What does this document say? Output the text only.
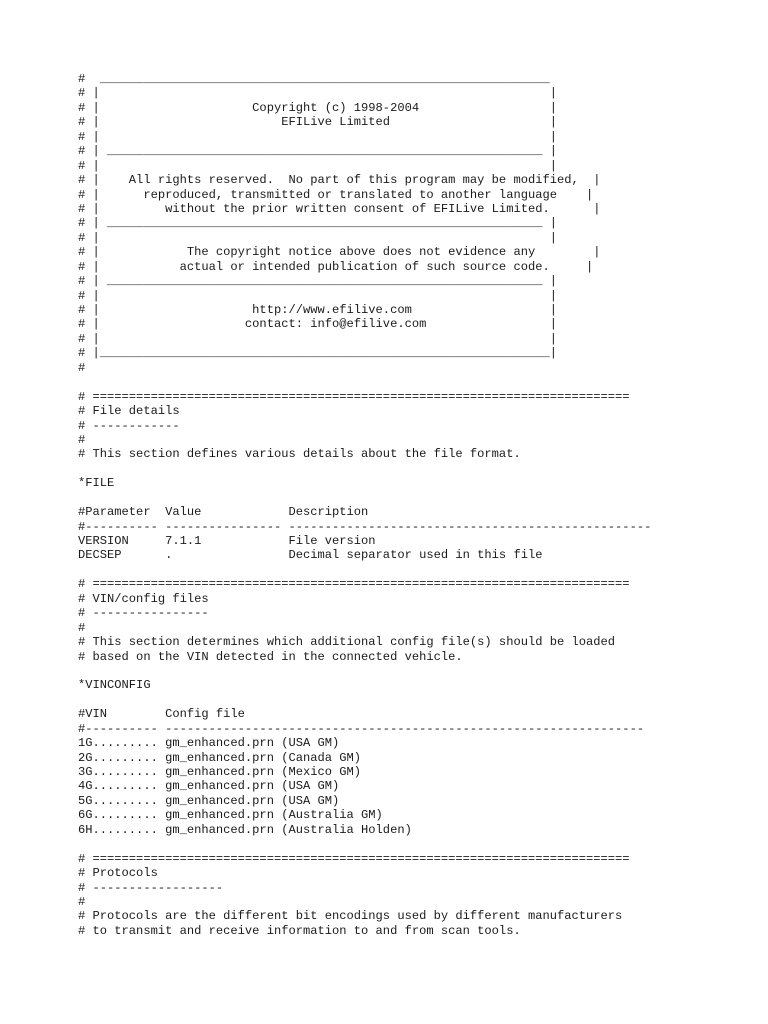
#  ______________________________________________________________
# |                                                              |
# |                     Copyright (c) 1998-2004                  |
# |                         EFILive Limited                      |
# |                                                              |
# | ____________________________________________________________ |
# |                                                              |
# |    All rights reserved.  No part of this program may be modified,  |
# |      reproduced, transmitted or translated to another language    |
# |         without the prior written consent of EFILive Limited.      |
# | ____________________________________________________________ |
# |                                                              |
# |            The copyright notice above does not evidence any        |
# |           actual or intended publication of such source code.     |
# | ____________________________________________________________ |
# |                                                              |
# |                     http://www.efilive.com                   |
# |                    contact: info@efilive.com                 |
# |                                                              |
# |______________________________________________________________|
#
# ==========================================================================
# File details
# ------------
#
# This section defines various details about the file format.
*FILE
#Parameter  Value            Description
#---------- ---------------- --------------------------------------------------
VERSION     7.1.1            File version
DECSEP      .                Decimal separator used in this file
# ==========================================================================
# VIN/config files
# ----------------
#
# This section determines which additional config file(s) should be loaded
# based on the VIN detected in the connected vehicle.
*VINCONFIG
#VIN        Config file
#---------- ------------------------------------------------------------------
1G......... gm_enhanced.prn (USA GM)
2G......... gm_enhanced.prn (Canada GM)
3G......... gm_enhanced.prn (Mexico GM)
4G......... gm_enhanced.prn (USA GM)
5G......... gm_enhanced.prn (USA GM)
6G......... gm_enhanced.prn (Australia GM)
6H......... gm_enhanced.prn (Australia Holden)
# ==========================================================================
# Protocols
# ------------------
#
# Protocols are the different bit encodings used by different manufacturers
# to transmit and receive information to and from scan tools.
